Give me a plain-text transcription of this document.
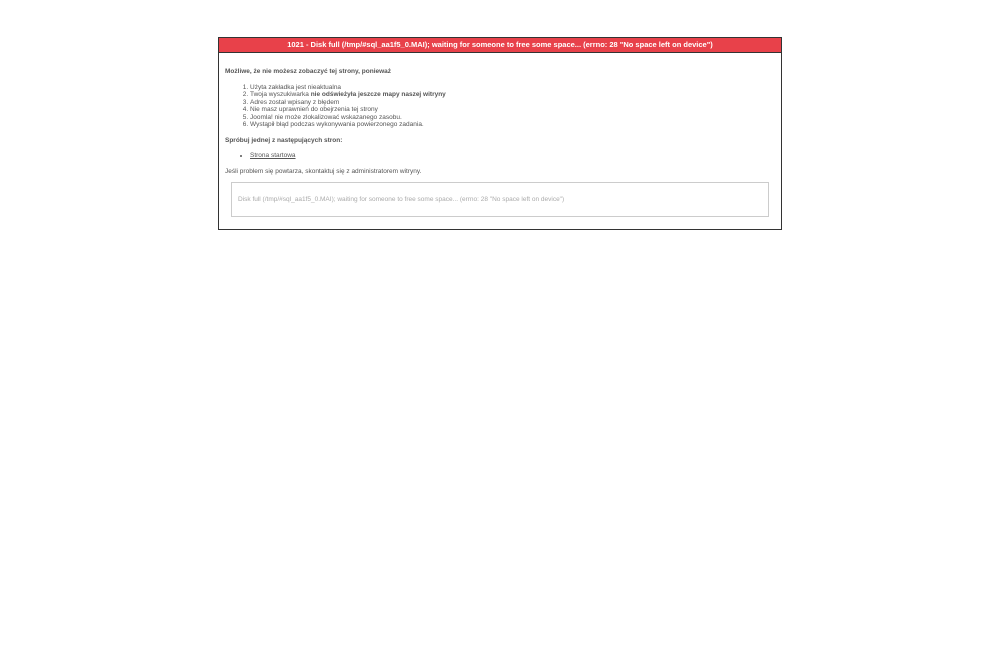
1021 - Disk full (/tmp/#sql_aa1f5_0.MAI); waiting for someone to free some space... (errno: 28 "No space left on device")
Możliwe, że nie możesz zobaczyć tej strony, ponieważ
1. Użyta zakładka jest nieaktualna
2. Twoja wyszukiwarka nie odświeżyła jeszcze mapy naszej witryny
3. Adres został wpisany z błędem
4. Nie masz uprawnień do obejrzenia tej strony
5. Joomla! nie może zlokalizować wskazanego zasobu.
6. Wystąpił błąd podczas wykonywania powierzonego zadania.
Spróbuj jednej z następujących stron:
• Strona startowa
Jeśli problem się powtarza, skontaktuj się z administratorem witryny.
Disk full (/tmp/#sql_aa1f5_0.MAI); waiting for someone to free some space... (errno: 28 "No space left on device")
